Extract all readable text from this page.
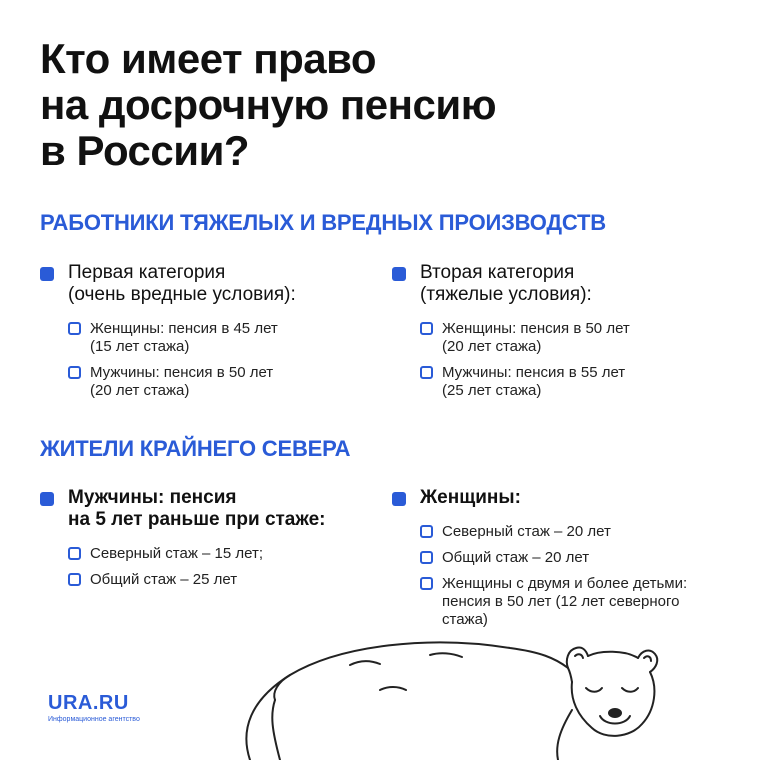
Кто имеет право
на досрочную пенсию
в России?
РАБОТНИКИ ТЯЖЕЛЫХ И ВРЕДНЫХ ПРОИЗВОДСТВ
Первая категория
(очень вредные условия):
Женщины: пенсия в 45 лет
(15 лет стажа)
Мужчины: пенсия в 50 лет
(20 лет стажа)
Вторая категория
(тяжелые условия):
Женщины: пенсия в 50 лет
(20 лет стажа)
Мужчины: пенсия в 55 лет
(25 лет стажа)
ЖИТЕЛИ КРАЙНЕГО СЕВЕРА
Мужчины: пенсия
на 5 лет раньше при стаже:
Северный стаж – 15 лет;
Общий стаж – 25 лет
Женщины:
Северный стаж – 20 лет
Общий стаж – 20 лет
Женщины с двумя и более детьми:
пенсия в 50 лет (12 лет северного
стажа)
URA.RU
Информационное агентство
